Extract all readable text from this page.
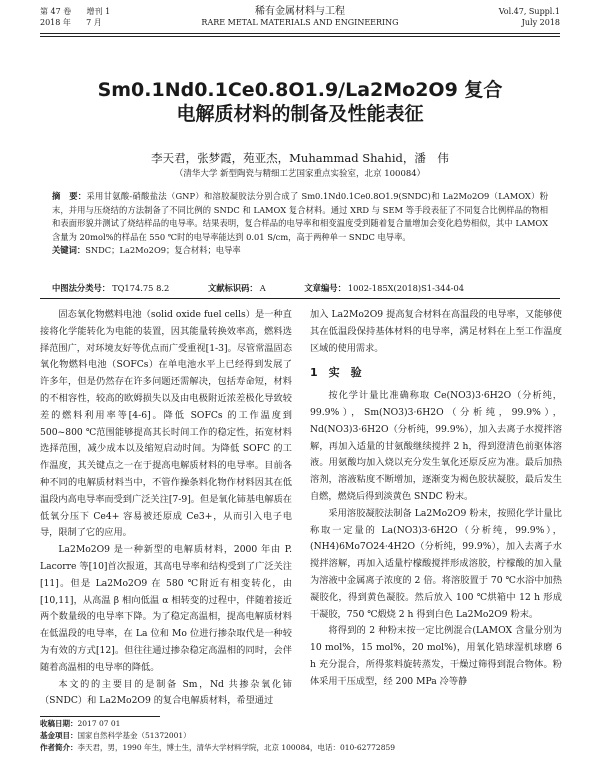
第 47 卷 增刊 1
2018 年 7 月
稀有金属材料与工程
RARE METAL MATERIALS AND ENGINEERING
Vol.47, Suppl.1
July 2018
Sm0.1Nd0.1Ce0.8O1.9/La2Mo2O9 复合
电解质材料的制备及性能表征
李天君，张梦霞，苑亚杰，Muhammad Shahid，潘　伟
（清华大学 新型陶瓷与精细工艺国家重点实验室，北京 100084）
摘　要：采用甘氨酸-硝酸盐法（GNP）和溶胶凝胶法分别合成了 Sm0.1Nd0.1Ce0.8O1.9(SNDC)和 La2Mo2O9（LAMOX）粉末，并用与压烧结的方法制备了不同比例的 SNDC 和 LAMOX 复合材料。通过 XRD 与 SEM 等手段表征了不同复合比例样品的物相和表面形貌并测试了烧结样品的电导率。结果表明，复合样品的电导率和相变温度受到随着复合量增加会变化趋势相似，其中 LAMOX 含量为 20mol%的样品在 550 ℃时的电导率能达到 0.01 S/cm，高于两种单一 SNDC 电导率。
关键词：SNDC；La2Mo2O9；复合材料；电导率
中图法分类号： TQ174.75 8.2	文献标识码： A	文章编号： 1002-185X(2018)S1-344-04

固态氧化物燃料电池（solid oxide fuel cells）是一种直接将化学能转化为电能的装置，因其能量转换效率高，燃料选择范围广，对环境友好等优点而广受重视[1-3]。尽管常温固态氧化物燃料电池（SOFCs）在单电池水平上已经得到发展了许多年，但是仍然存在许多问题还需解决，包括寿命短，材料的不相容性，较高的欧姆损失以及由电极附近浓差极化导致较差的燃料利用率等[4-6]。降低 SOFCs 的工作温度到 500~800 ℃范围能够提高其长时间工作的稳定性，拓宽材料选择范围，减少成本以及缩短启动时间。为降低 SOFC 的工作温度，其关键点之一在于提高电解质材料的电导率。目前各种不同的电解质材料当中，不管作操条料化物作材料因其在低温段内高电导率而受到广泛关注[7-9]。但是氧化铈基电解质在低氧分压下 Ce4+ 容易被还原成 Ce3+，从而引入电子电导，限制了它的应用。

La2Mo2O9 是一种新型的电解质材料，2000 年由 P. Lacorre 等[10]首次报道，其高电导率和结构受到了广泛关注[11]。但是 La2Mo2O9 在 580 ℃附近有相变转化，由[10,11]，从高温 β 相向低温 α 相转变的过程中，伴随着接近两个数量级的电导率下降。为了稳定高温相，提高电解质材料在低温段的电导率，在 La 位和 Mo 位进行掺杂取代是一种较为有效的方式[12]。但往往通过掺杂稳定高温相的同时，会伴随着高温相的电导率的降低。

本文的的主要目的是制备 Sm，Nd 共掺杂氧化铈（SNDC）和 La2Mo2O9 的复合电解质材料，希望通过

加入 La2Mo2O9 提高复合材料在高温段的电导率，又能够使其在低温段保持基体材料的电导率，满足材料在上至工作温度区域的使用需求。

1　实　验

按化学计量比准确称取 Ce(NO3)3·6H2O（分析纯，99.9%），Sm(NO3)3·6H2O（分析纯，99.9%），Nd(NO3)3·6H2O（分析纯，99.9%），加入去离子水搅拌溶解，再加入适量的甘氨酸继续搅拌 2 h，得到澄清色前驱体溶液。用氨酸均加入烧以充分发生氧化还原反应为准。最后加热溶剂，溶液粘度不断增加，逐渐变为褐色胶状凝胶，最后发生自燃，燃烧后得到淡黄色 SNDC 粉末。

采用溶胶凝胶法制备 La2Mo2O9 粉末，按照化学计量比称取一定量的 La(NO3)3·6H2O（分析纯，99.9%），(NH4)6Mo7O24·4H2O（分析纯，99.9%），加入去离子水搅拌溶解，再加入适量柠檬酸搅拌形成溶胶，柠檬酸的加入量为溶液中金属离子浓度的 2 倍。将溶胶置于 70 ℃水浴中加热凝胶化，得到黄色凝胶。然后放入 100 ℃烘箱中 12 h 形成干凝胶，750 ℃煅烧 2 h 得到白色 La2Mo2O9 粉末。

将得到的 2 种粉末按一定比例混合(LAMOX 含量分别为 10 mol%，15 mol%，20 mol%)，用氧化锆球湿机球磨 6 h 充分混合，所得浆料旋转蒸发，干燥过筛得到混合物体。粉体采用干压成型，经 200 MPa 冷等静

收稿日期：2017 07 01
基金项目：国家自然科学基金（51372001）
作者简介：李天君，男，1990 年生，博士生，清华大学材料学院，北京 100084，电话：010-62772859
